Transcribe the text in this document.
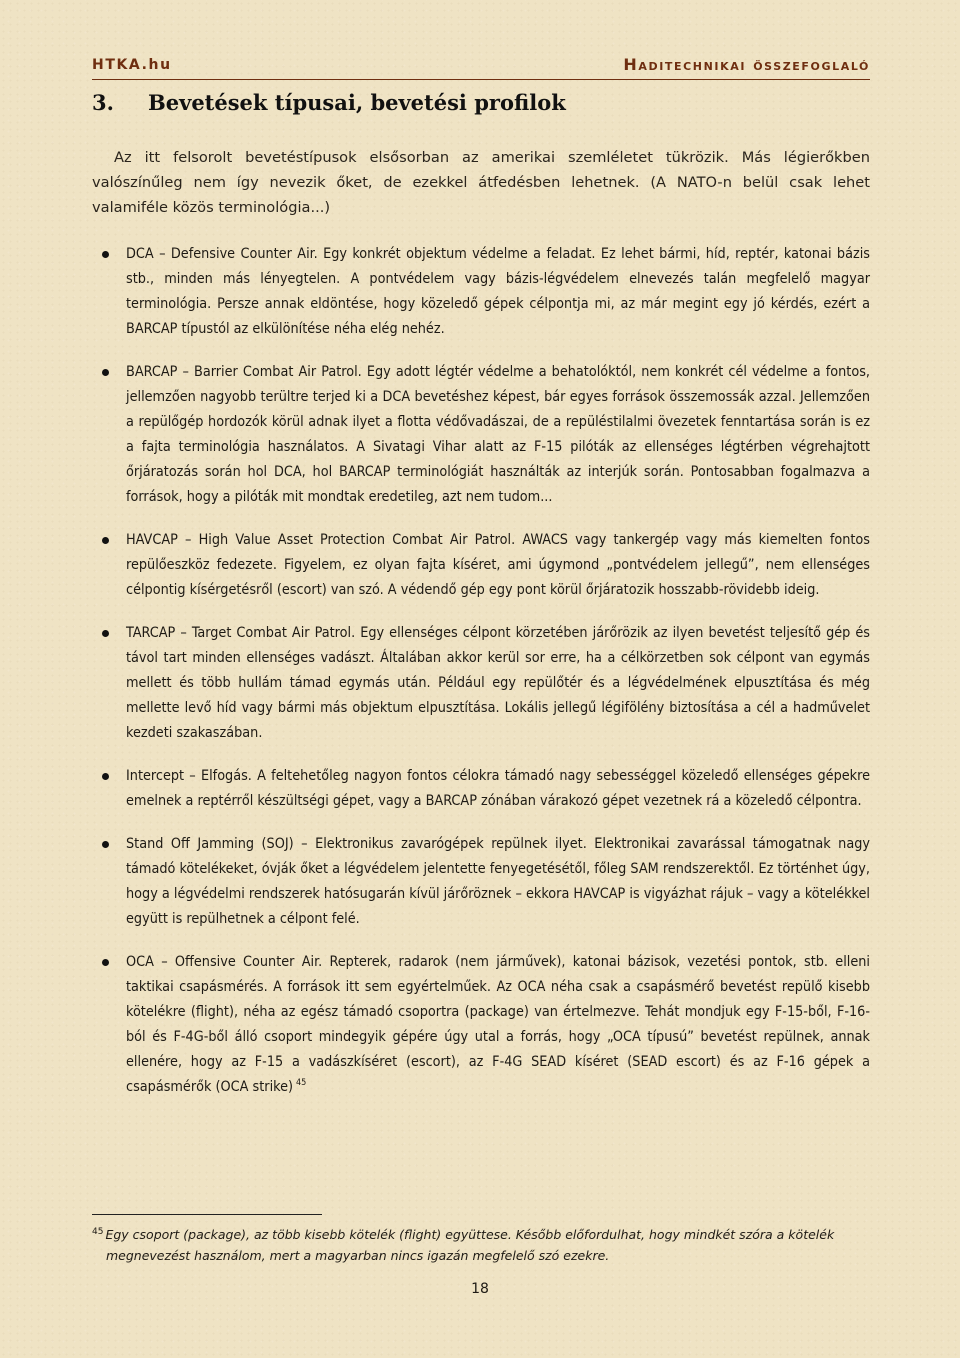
HTKA.hu	Haditechnikai összefoglaló
3. Bevetések típusai, bevetési profilok

Az itt felsorolt bevetéstípusok elsősorban az amerikai szemléletet tükrözik. Más légierőkben valószínűleg nem így nevezik őket, de ezekkel átfedésben lehetnek. (A NATO-n belül csak lehet valamiféle közös terminológia...)

DCA – Defensive Counter Air. Egy konkrét objektum védelme a feladat. Ez lehet bármi, híd, reptér, katonai bázis stb., minden más lényegtelen. A pontvédelem vagy bázis-légvédelem elnevezés talán megfelelő magyar terminológia. Persze annak eldöntése, hogy közeledő gépek célpontja mi, az már megint egy jó kérdés, ezért a BARCAP típustól az elkülönítése néha elég nehéz.
BARCAP – Barrier Combat Air Patrol. Egy adott légtér védelme a behatolóktól, nem konkrét cél védelme a fontos, jellemzően nagyobb terültre terjed ki a DCA bevetéshez képest, bár egyes források összemossák azzal. Jellemzően a repülőgép hordozók körül adnak ilyet a flotta védővadászai, de a repüléstilalmi övezetek fenntartása során is ez a fajta terminológia használatos. A Sivatagi Vihar alatt az F-15 pilóták az ellenséges légtérben végrehajtott őrjáratozás során hol DCA, hol BARCAP terminológiát használták az interjúk során. Pontosabban fogalmazva a források, hogy a pilóták mit mondtak eredetileg, azt nem tudom...
HAVCAP – High Value Asset Protection Combat Air Patrol. AWACS vagy tankergép vagy más kiemelten fontos repülőeszköz fedezete. Figyelem, ez olyan fajta kíséret, ami úgymond „pontvédelem jellegű”, nem ellenséges célpontig kísérgetésről (escort) van szó. A védendő gép egy pont körül őrjáratozik hosszabb-rövidebb ideig.
TARCAP – Target Combat Air Patrol. Egy ellenséges célpont körzetében járőrözik az ilyen bevetést teljesítő gép és távol tart minden ellenséges vadászt. Általában akkor kerül sor erre, ha a célkörzetben sok célpont van egymás mellett és több hullám támad egymás után. Például egy repülőtér és a légvédelmének elpusztítása és még mellette levő híd vagy bármi más objektum elpusztítása. Lokális jellegű légifölény biztosítása a cél a hadművelet kezdeti szakaszában.
Intercept – Elfogás. A feltehetőleg nagyon fontos célokra támadó nagy sebességgel közeledő ellenséges gépekre emelnek a reptérről készültségi gépet, vagy a BARCAP zónában várakozó gépet vezetnek rá a közeledő célpontra.
Stand Off Jamming (SOJ) – Elektronikus zavarógépek repülnek ilyet. Elektronikai zavarással támogatnak nagy támadó kötelékeket, óvják őket a légvédelem jelentette fenyegetésétől, főleg SAM rendszerektől. Ez történhet úgy, hogy a légvédelmi rendszerek hatósugarán kívül járőröznek – ekkora HAVCAP is vigyázhat rájuk – vagy a kötelékkel együtt is repülhetnek a célpont felé.
OCA – Offensive Counter Air. Repterek, radarok (nem járművek), katonai bázisok, vezetési pontok, stb. elleni taktikai csapásmérés. A források itt sem egyértelműek. Az OCA néha csak a csapásmérő bevetést repülő kisebb kötelékre (flight), néha az egész támadó csoportra (package) van értelmezve. Tehát mondjuk egy F-15-ből, F-16-ból és F-4G-ből álló csoport mindegyik gépére úgy utal a forrás, hogy „OCA típusú” bevetést repülnek, annak ellenére, hogy az F-15 a vadászkíséret (escort), az F-4G SEAD kíséret (SEAD escort) és az F-16 gépek a csapásmérők (OCA strike) $^{45}$
$^{45}$ Egy csoport (package), az több kisebb kötelék (flight) együttese. Később előfordulhat, hogy mindkét szóra a kötelék megnevezést használom, mert a magyarban nincs igazán megfelelő szó ezekre.
18
